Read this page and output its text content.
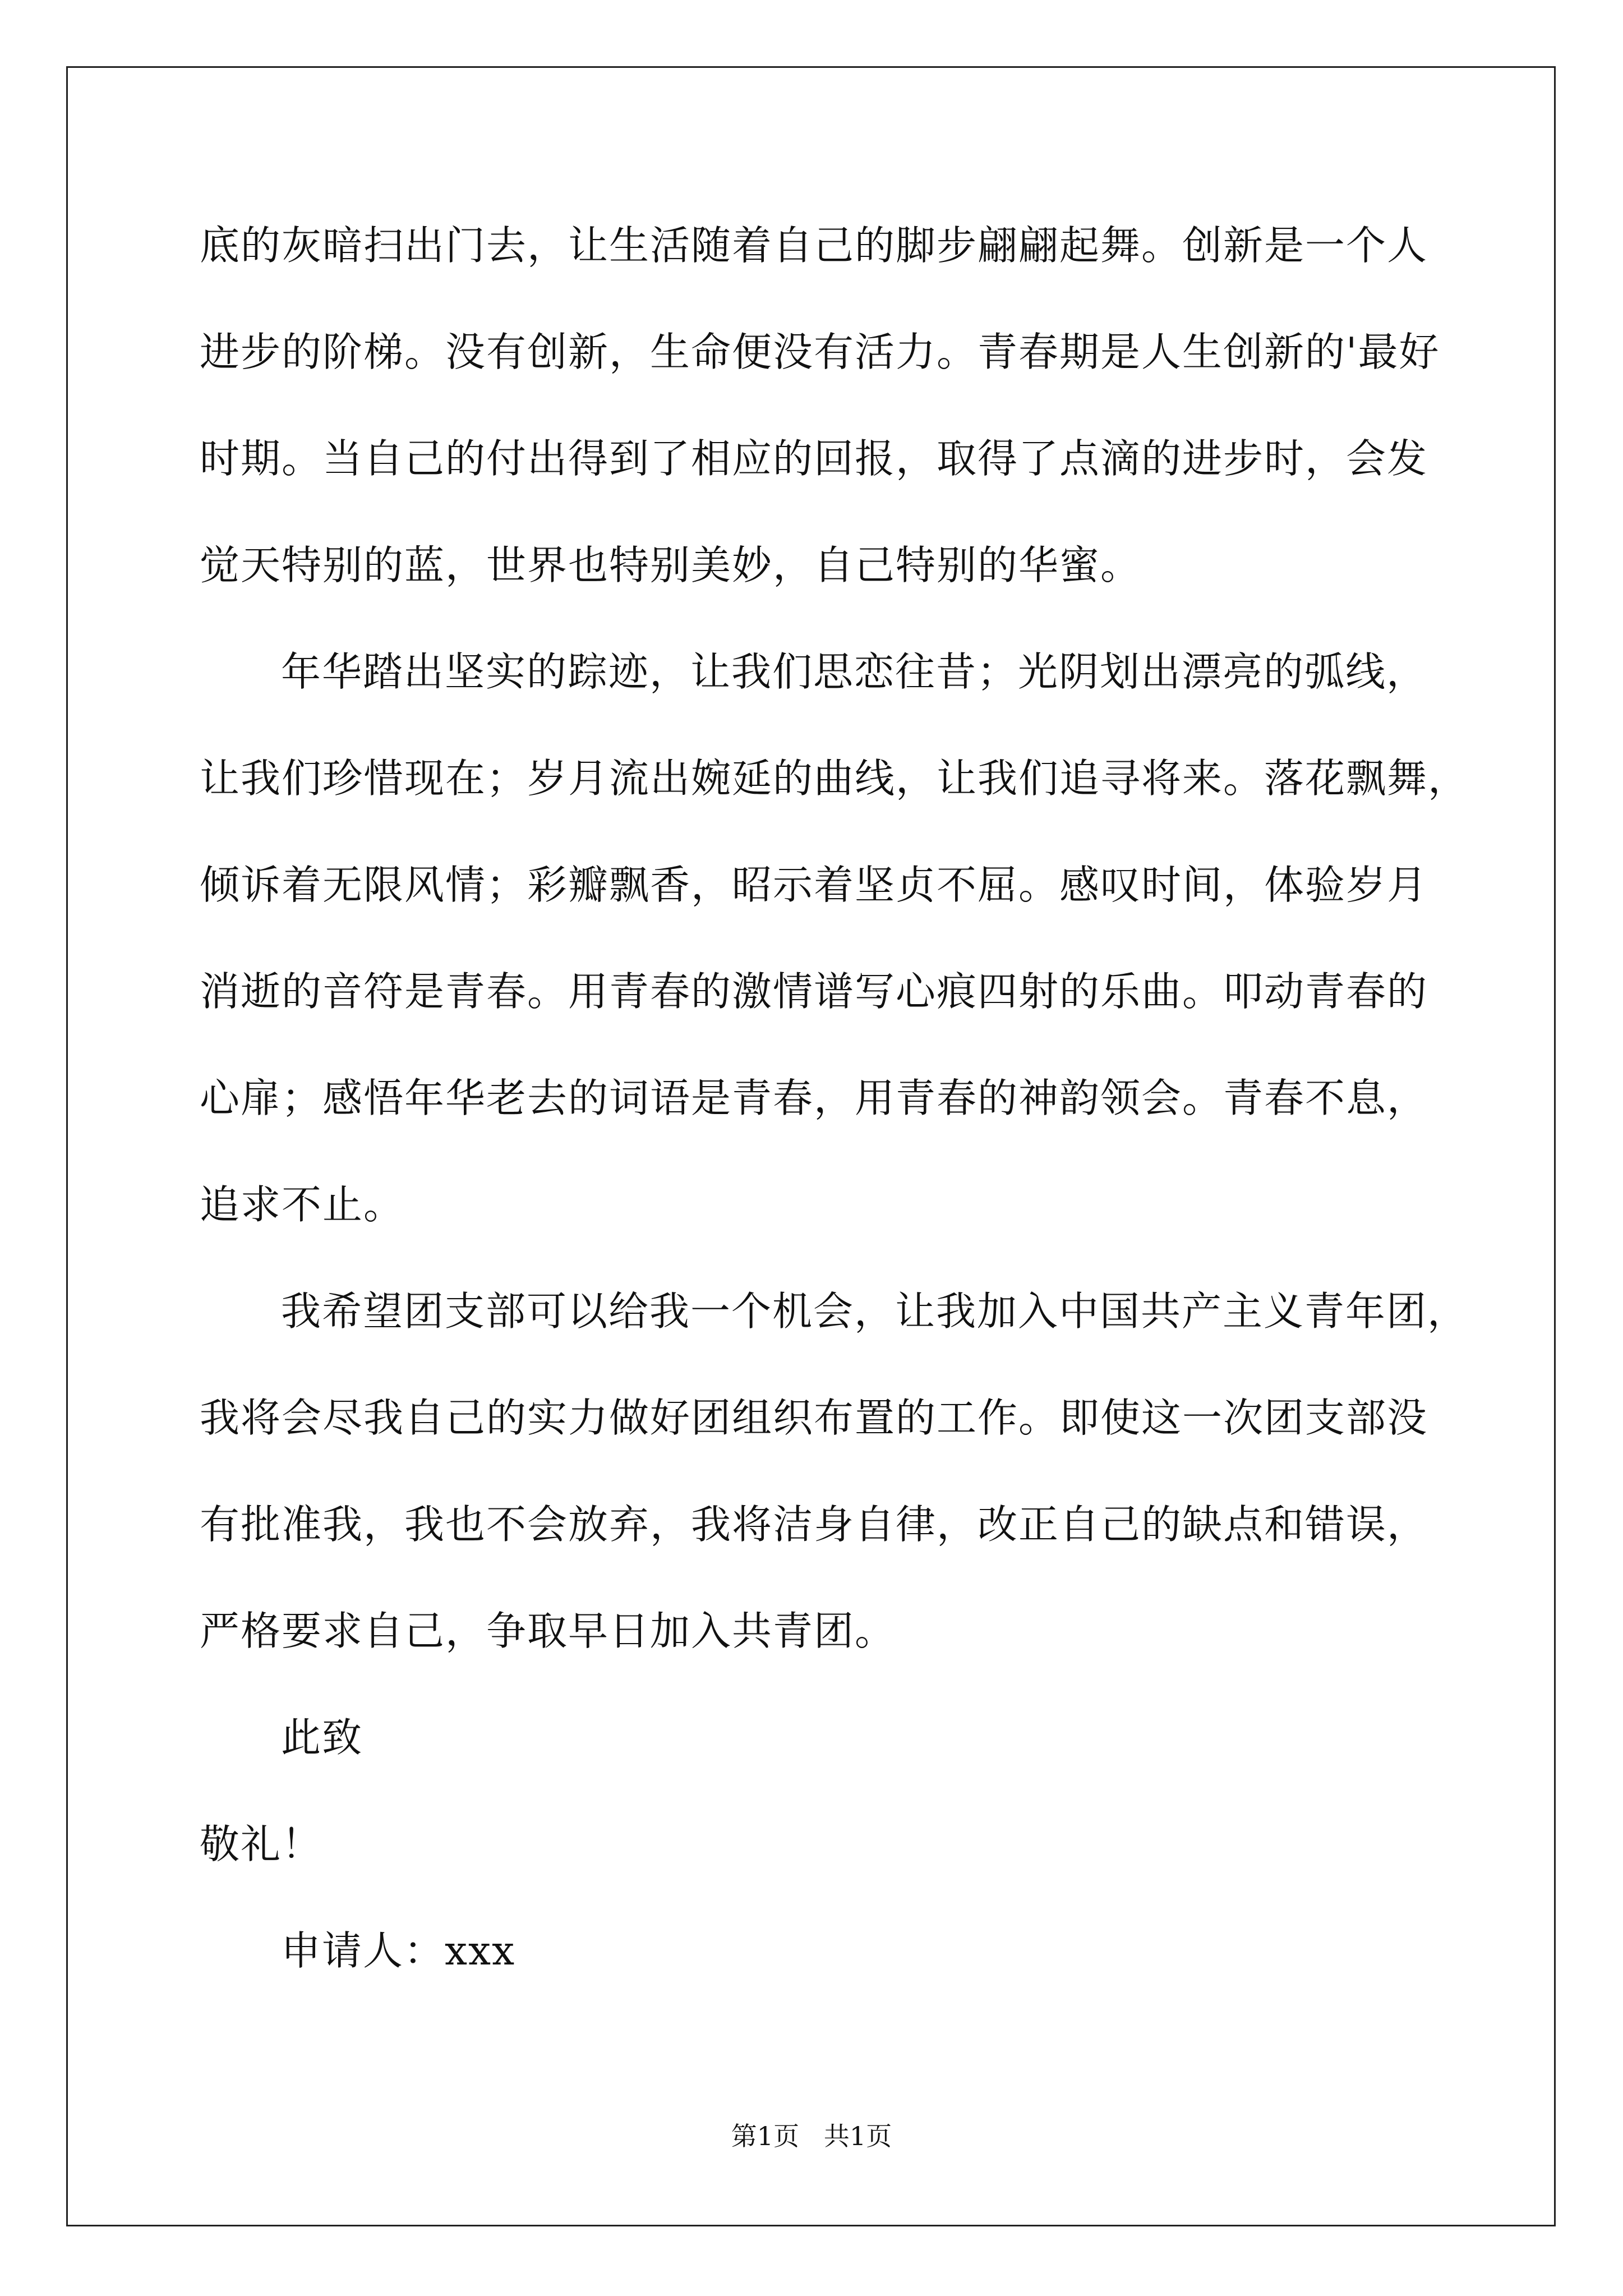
底的灰暗扫出门去，让生活随着自己的脚步翩翩起舞。创新是一个人
进步的阶梯。没有创新，生命便没有活力。青春期是人生创新的'最好
时期。当自己的付出得到了相应的回报，取得了点滴的进步时，会发
觉天特别的蓝，世界也特别美妙，自己特别的华蜜。
年华踏出坚实的踪迹，让我们思恋往昔；光阴划出漂亮的弧线，
让我们珍惜现在；岁月流出婉延的曲线，让我们追寻将来。落花飘舞，
倾诉着无限风情；彩瓣飘香，昭示着坚贞不屈。感叹时间，体验岁月
消逝的音符是青春。用青春的激情谱写心痕四射的乐曲。叩动青春的
心扉；感悟年华老去的词语是青春，用青春的神韵领会。青春不息，
追求不止。
我希望团支部可以给我一个机会，让我加入中国共产主义青年团，
我将会尽我自己的实力做好团组织布置的工作。即使这一次团支部没
有批准我，我也不会放弃，我将洁身自律，改正自己的缺点和错误，
严格要求自己，争取早日加入共青团。
此致
敬礼！
申请人：xxx
第1页   共1页
